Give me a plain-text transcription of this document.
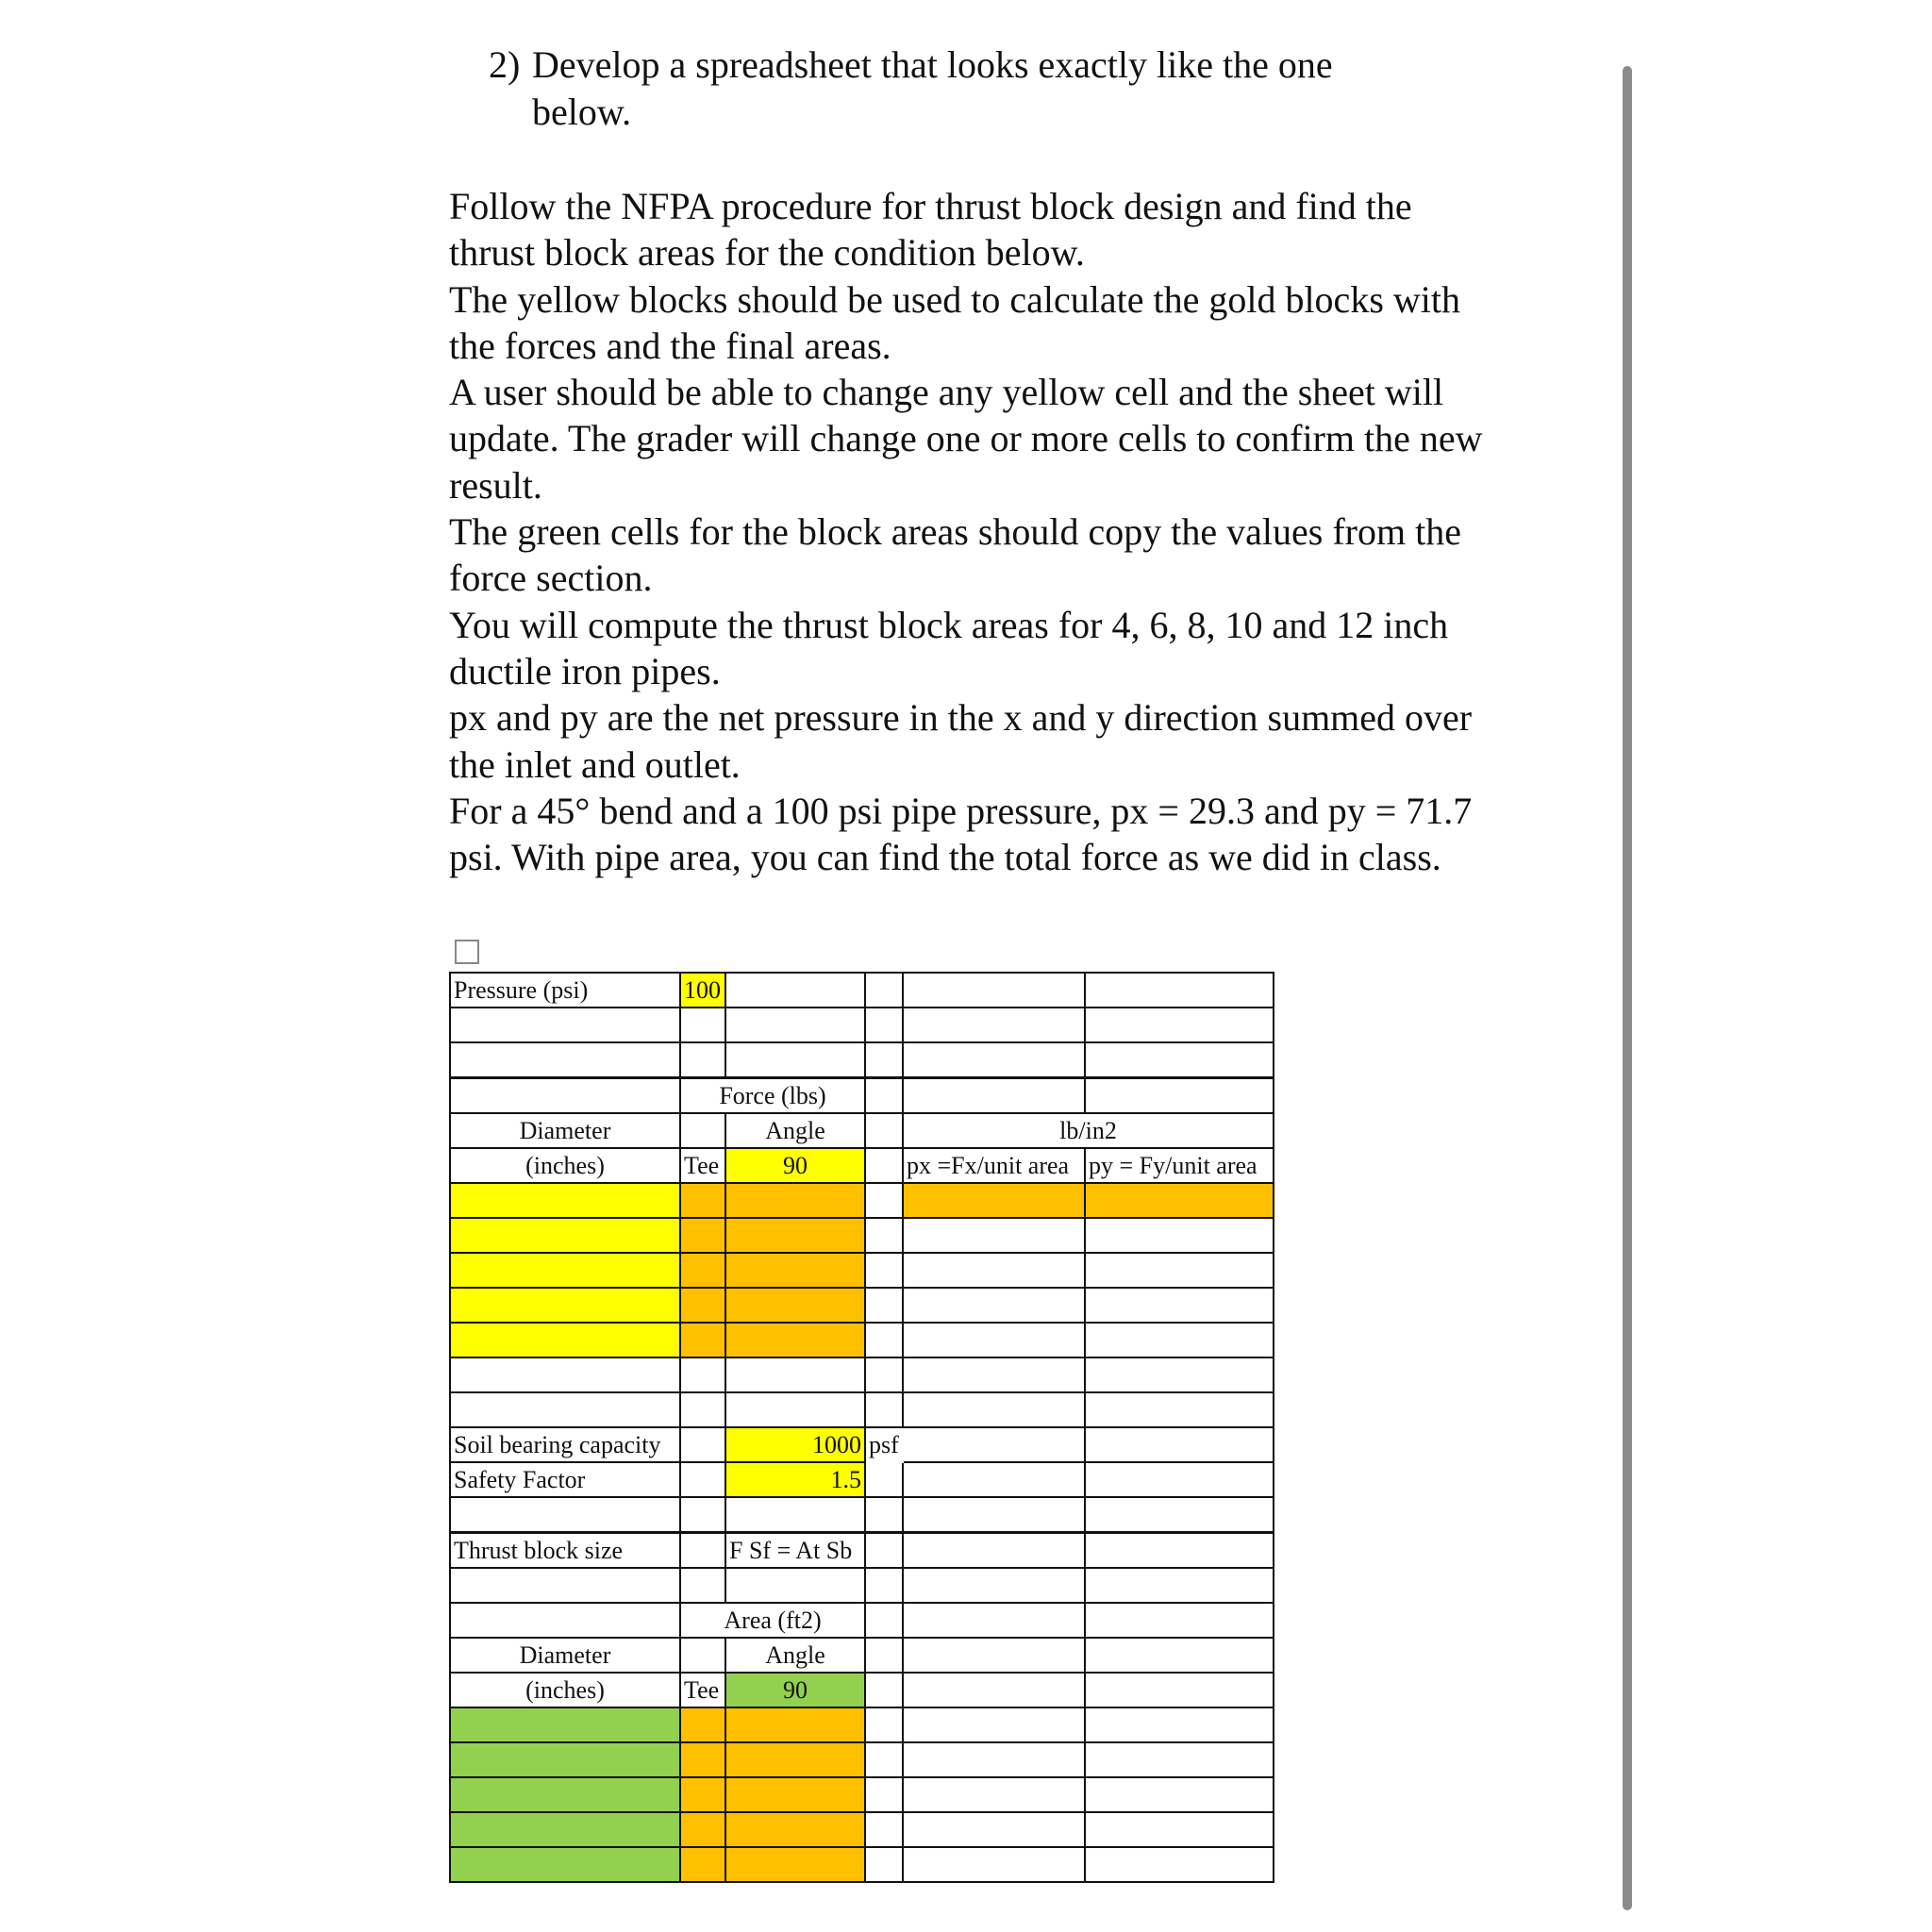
2) Develop a spreadsheet that looks exactly like the one below.

Follow the NFPA procedure for thrust block design and find the thrust block areas for the condition below.

The yellow blocks should be used to calculate the gold blocks with the forces and the final areas.

A user should be able to change any yellow cell and the sheet will update. The grader will change one or more cells to confirm the new result.

The green cells for the block areas should copy the values from the force section.

You will compute the thrust block areas for 4, 6, 8, 10 and 12 inch ductile iron pipes.

px and py are the net pressure in the x and y direction summed over the inlet and outlet.

For a 45° bend and a 100 psi pipe pressure, px = 29.3 and py = 71.7 psi. With pipe area, you can find the total force as we did in class.

Pressure (psi)	100				

	Force (lbs)				
Diameter		Angle		lb/in2	
(inches)	Tee	90		px =Fx/unit area	py = Fy/unit area

Soil bearing capacity		1000	psf		
Safety Factor		1.5			

Thrust block size		F Sf = At Sb			

	Area (ft2)				
Diameter		Angle			
(inches)	Tee	90			
